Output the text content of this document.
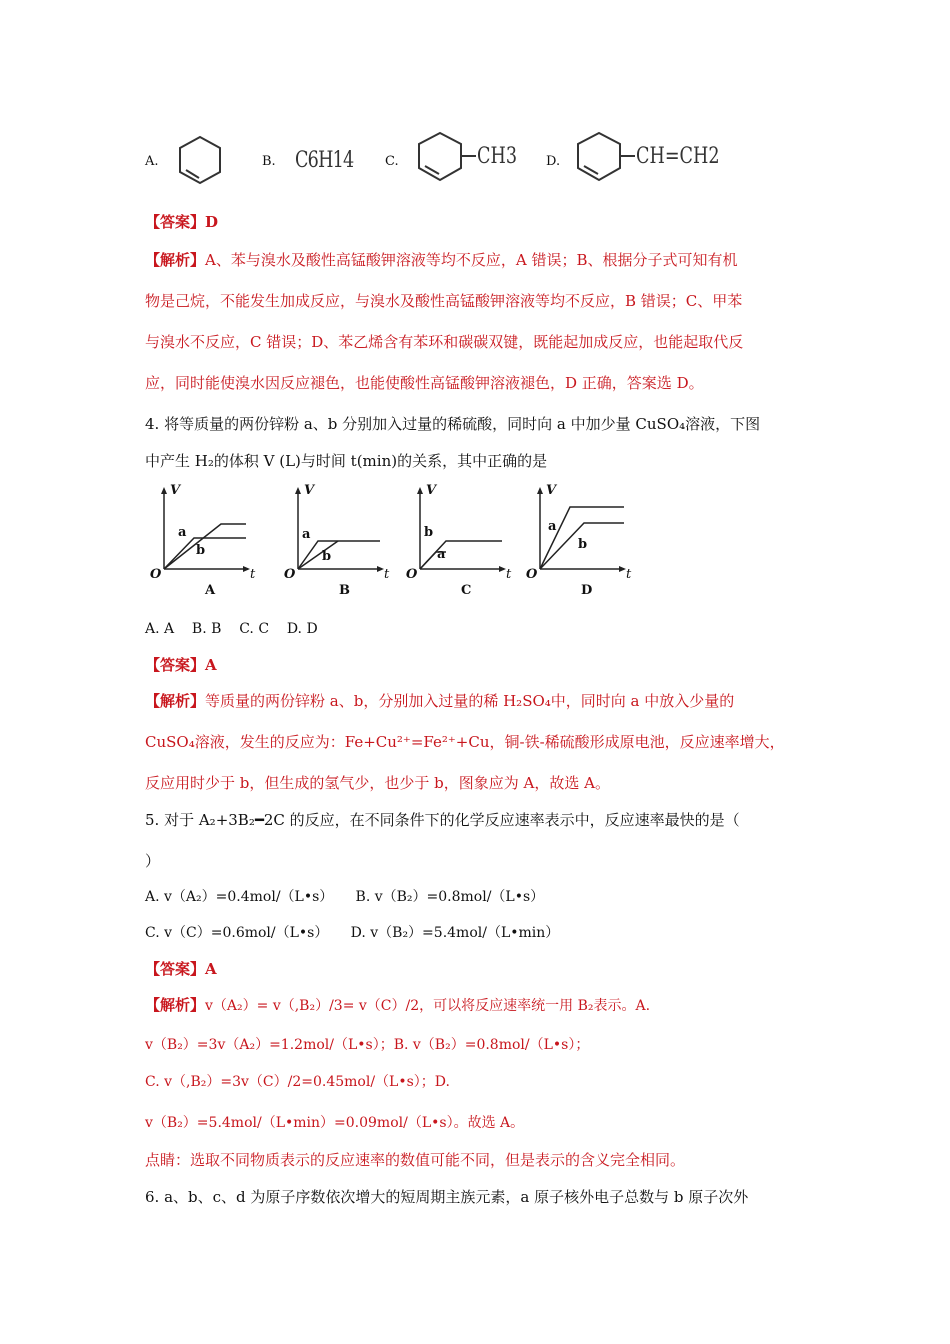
A.	B. C6H14 C.	CH3 D.	CH=CH2
【答案】D
【解析】A、苯与溴水及酸性高锰酸钾溶液等均不反应，A 错误；B、根据分子式可知有机
物是己烷，不能发生加成反应，与溴水及酸性高锰酸钾溶液等均不反应，B 错误；C、甲苯
与溴水不反应，C 错误；D、苯乙烯含有苯环和碳碳双键，既能起加成反应，也能起取代反
应，同时能使溴水因反应褪色，也能使酸性高锰酸钾溶液褪色，D 正确，答案选 D。
4. 将等质量的两份锌粉 a、b 分别加入过量的稀硫酸，同时向 a 中加少量 CuSO₄溶液，下图
中产生 H₂的体积 V (L)与时间 t(min)的关系，其中正确的是
V
t
O
a
b
A
V
t
O
a
b
B
V
t
O
a
b
C
V
t
O
a
b
D
A. A    B. B    C. C    D. D
【答案】A
【解析】等质量的两份锌粉 a、b，分别加入过量的稀 H₂SO₄中，同时向 a 中放入少量的
CuSO₄溶液，发生的反应为：Fe+Cu²⁺=Fe²⁺+Cu，铜-铁-稀硫酸形成原电池，反应速率增大，
反应用时少于 b，但生成的氢气少，也少于 b，图象应为 A，故选 A。
5. 对于 A₂+3B₂━2C 的反应，在不同条件下的化学反应速率表示中，反应速率最快的是（
）
A. v（A₂）=0.4mol/（L•s）     B. v（B₂）=0.8mol/（L•s）
C. v（C）=0.6mol/（L•s）     D. v（B₂）=5.4mol/（L•min）
【答案】A
【解析】v（A₂）= v（,B₂）/3= v（C）/2，可以将反应速率统一用 B₂表示。A.
v（B₂）=3v（A₂）=1.2mol/（L•s）；B. v（B₂）=0.8mol/（L•s）；
C. v（,B₂）=3v（C）/2=0.45mol/（L•s）；D.
v（B₂）=5.4mol/（L•min）=0.09mol/（L•s）。故选 A。
点睛：选取不同物质表示的反应速率的数值可能不同，但是表示的含义完全相同。
6. a、b、c、d 为原子序数依次增大的短周期主族元素，a 原子核外电子总数与 b 原子次外
